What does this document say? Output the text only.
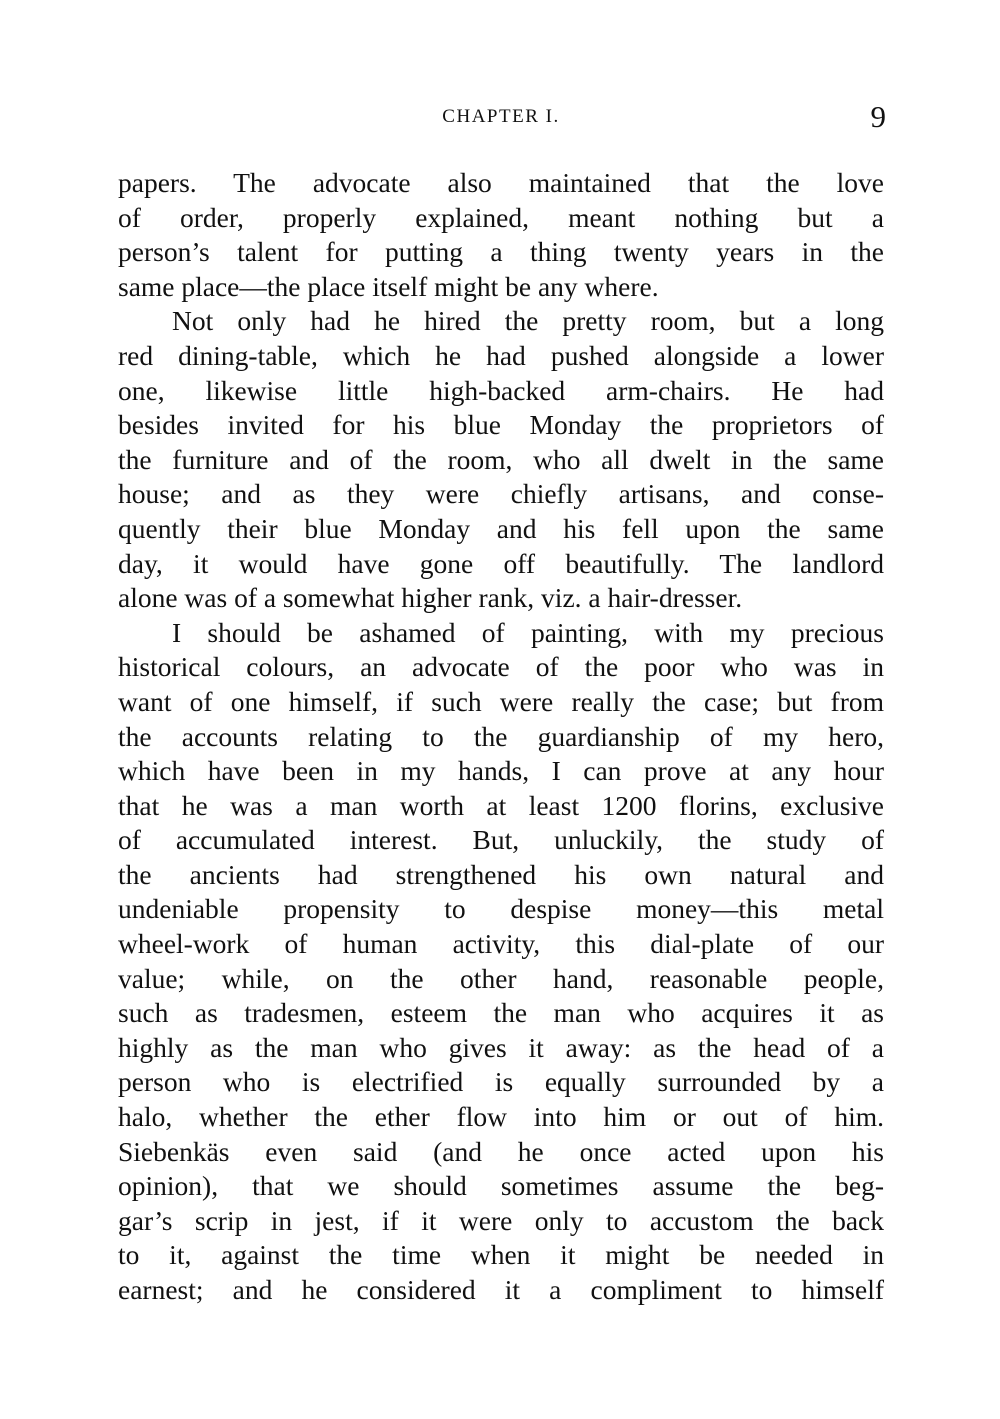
CHAPTER I.	9
papers. The advocate also maintained that the love
of order, properly explained, meant nothing but a
person’s talent for putting a thing twenty years in the
same place—the place itself might be any where.
Not only had he hired the pretty room, but a long
red dining-table, which he had pushed alongside a lower
one, likewise little high-backed arm-chairs. He had
besides invited for his blue Monday the proprietors of
the furniture and of the room, who all dwelt in the same
house; and as they were chiefly artisans, and conse-
quently their blue Monday and his fell upon the same
day, it would have gone off beautifully. The landlord
alone was of a somewhat higher rank, viz. a hair-dresser.
I should be ashamed of painting, with my precious
historical colours, an advocate of the poor who was in
want of one himself, if such were really the case; but from
the accounts relating to the guardianship of my hero,
which have been in my hands, I can prove at any hour
that he was a man worth at least 1200 florins, exclusive
of accumulated interest. But, unluckily, the study of
the ancients had strengthened his own natural and
undeniable propensity to despise money—this metal
wheel-work of human activity, this dial-plate of our
value; while, on the other hand, reasonable people,
such as tradesmen, esteem the man who acquires it as
highly as the man who gives it away: as the head of a
person who is electrified is equally surrounded by a
halo, whether the ether flow into him or out of him.
Siebenkäs even said (and he once acted upon his
opinion), that we should sometimes assume the beg-
gar’s scrip in jest, if it were only to accustom the back
to it, against the time when it might be needed in
earnest; and he considered it a compliment to himself
